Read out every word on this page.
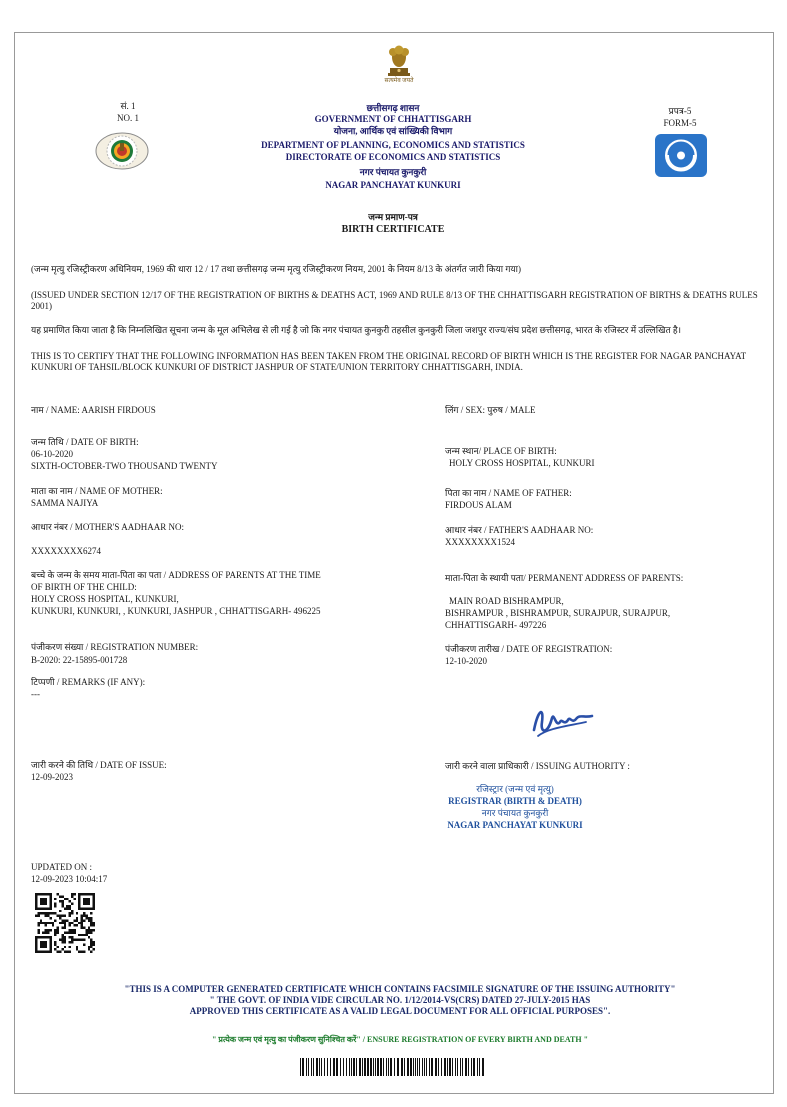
सत्यमेव जयते
सं. 1
NO. 1
प्रपत्र-5
FORM-5
छत्तीसगढ़ शासन
GOVERNMENT OF CHHATTISGARH
योजना, आर्थिक एवं सांख्यिकी विभाग
DEPARTMENT OF PLANNING, ECONOMICS AND STATISTICS
DIRECTORATE OF ECONOMICS AND STATISTICS
नगर पंचायत कुनकुरी
NAGAR PANCHAYAT KUNKURI
जन्म प्रमाण-पत्र
BIRTH CERTIFICATE
(जन्म मृत्यु रजिस्ट्रीकरण अधिनियम, 1969 की धारा 12 / 17 तथा छत्तीसगढ़ जन्म मृत्यु रजिस्ट्रीकरण नियम, 2001 के नियम 8/13 के अंतर्गत जारी किया गया)
(ISSUED UNDER SECTION 12/17 OF THE REGISTRATION OF BIRTHS & DEATHS ACT, 1969 AND RULE 8/13 OF THE CHHATTISGARH REGISTRATION OF BIRTHS & DEATHS RULES 2001)
यह प्रमाणित किया जाता है कि निम्नलिखित सूचना जन्म के मूल अभिलेख से ली गई है जो कि नगर पंचायत कुनकुरी तहसील कुनकुरी जिला जशपुर राज्य/संघ प्रदेश छत्तीसगढ़, भारत के रजिस्टर में उल्लिखित है।
THIS IS TO CERTIFY THAT THE FOLLOWING INFORMATION HAS BEEN TAKEN FROM THE ORIGINAL RECORD OF BIRTH WHICH IS THE REGISTER FOR NAGAR PANCHAYAT KUNKURI OF TAHSIL/BLOCK KUNKURI OF DISTRICT JASHPUR OF STATE/UNION TERRITORY CHHATTISGARH, INDIA.
नाम / NAME: AARISH FIRDOUS
जन्म तिथि / DATE OF BIRTH:
06-10-2020
SIXTH-OCTOBER-TWO THOUSAND TWENTY
माता का नाम / NAME OF MOTHER:
SAMMA NAJIYA
आधार नंबर / MOTHER'S AADHAAR NO:
XXXXXXXX6274
बच्चे के जन्म के समय माता-पिता का पता / ADDRESS OF PARENTS AT THE TIME
OF BIRTH OF THE CHILD:
HOLY CROSS HOSPITAL, KUNKURI,
KUNKURI, KUNKURI, , KUNKURI, JASHPUR , CHHATTISGARH- 496225
पंजीकरण संख्या / REGISTRATION NUMBER:
B-2020: 22-15895-001728
टिप्पणी / REMARKS (IF ANY):
---
जारी करने की तिथि / DATE OF ISSUE:
12-09-2023
लिंग / SEX: पुरुष / MALE
जन्म स्थान/ PLACE OF BIRTH:
HOLY CROSS HOSPITAL, KUNKURI
पिता का नाम / NAME OF FATHER:
FIRDOUS ALAM
आधार नंबर / FATHER'S AADHAAR NO:
XXXXXXXX1524
माता-पिता के स्थायी पता/ PERMANENT ADDRESS OF PARENTS:
MAIN ROAD BISHRAMPUR,
BISHRAMPUR , BISHRAMPUR, SURAJPUR, SURAJPUR,
CHHATTISGARH- 497226
पंजीकरण तारीख / DATE OF REGISTRATION:
12-10-2020
जारी करने वाला प्राधिकारी / ISSUING AUTHORITY :
रजिस्ट्रार (जन्म एवं मृत्यु)
REGISTRAR (BIRTH & DEATH)
नगर पंचायत कुनकुरी
NAGAR PANCHAYAT KUNKURI
UPDATED ON :
12-09-2023 10:04:17
"THIS IS A COMPUTER GENERATED CERTIFICATE WHICH CONTAINS FACSIMILE SIGNATURE OF THE ISSUING AUTHORITY"
" THE GOVT. OF INDIA VIDE CIRCULAR NO. 1/12/2014-VS(CRS) DATED 27-JULY-2015 HAS
APPROVED THIS CERTIFICATE AS A VALID LEGAL DOCUMENT FOR ALL OFFICIAL PURPOSES".
" प्रत्येक जन्म एवं मृत्यु का पंजीकरण सुनिश्चित करें" / ENSURE REGISTRATION OF EVERY BIRTH AND DEATH "
